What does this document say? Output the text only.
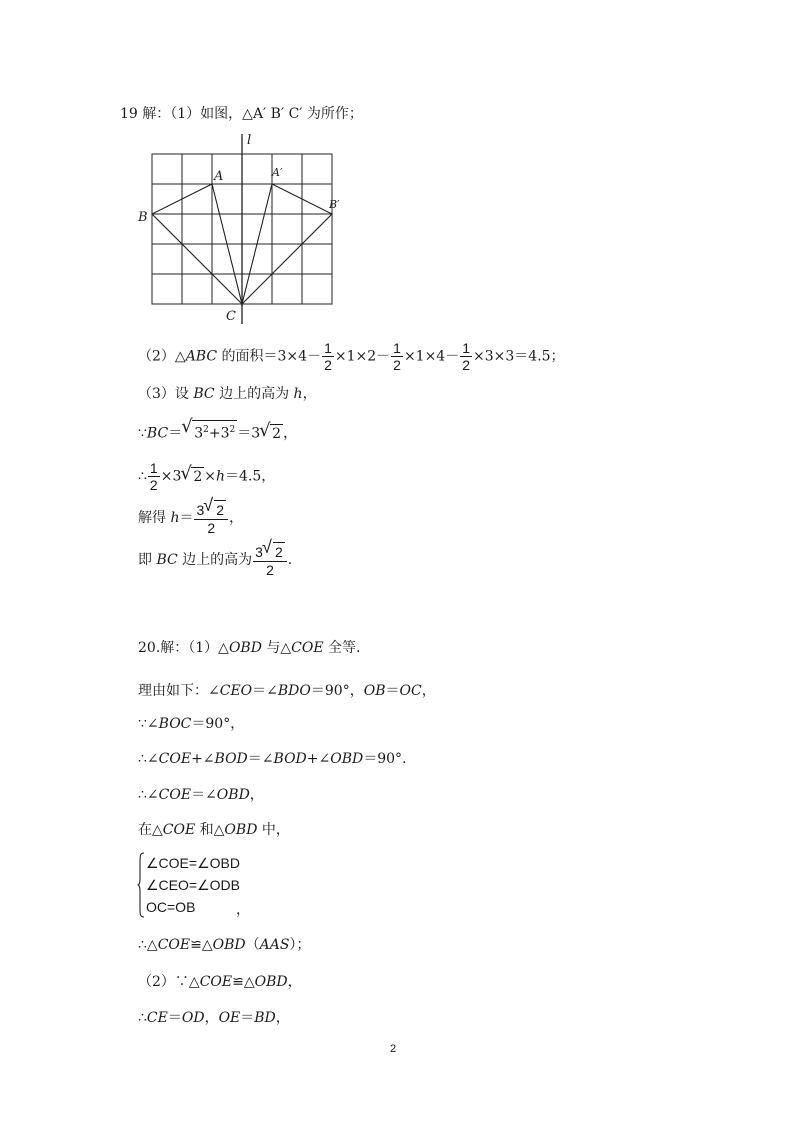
19 解：（1）如图，△A′ B′ C′ 为所作；
l
A	A′
B
B′
C
（2）△ABC 的面积$=3\times 4- \frac{1}{2} \times 1\times 2- \frac{1}{2} \times 1\times 4- \frac{1}{2} \times 3\times 3=4.5$；
（3）设 BC 边上的高为 h，
∵BC＝√ $3^2+3^2 =3√$ 2 ，
∴ $\frac{1}{2} \times 3√$ 2 ×h＝4.5，
解得 $h= \frac{3√ 2}{2}$ ，
即 BC 边上的高为 $\frac{3√ 2}{2}$ .
20.解：（1）△OBD 与△COE 全等.
理由如下：∠CEO＝∠BDO＝90°，OB＝OC，
∵∠BOC＝90°，
∴∠COE+∠BOD＝∠BOD+∠OBD＝90°.
∴∠COE＝∠OBD，
在△COE 和△OBD 中，
∠COE=∠OBD
∠CEO=∠ODB
OC=OB	，
∴△COE≌△OBD（AAS）；
（2）∵△COE≌△OBD，
∴CE＝OD，OE＝BD，
2
